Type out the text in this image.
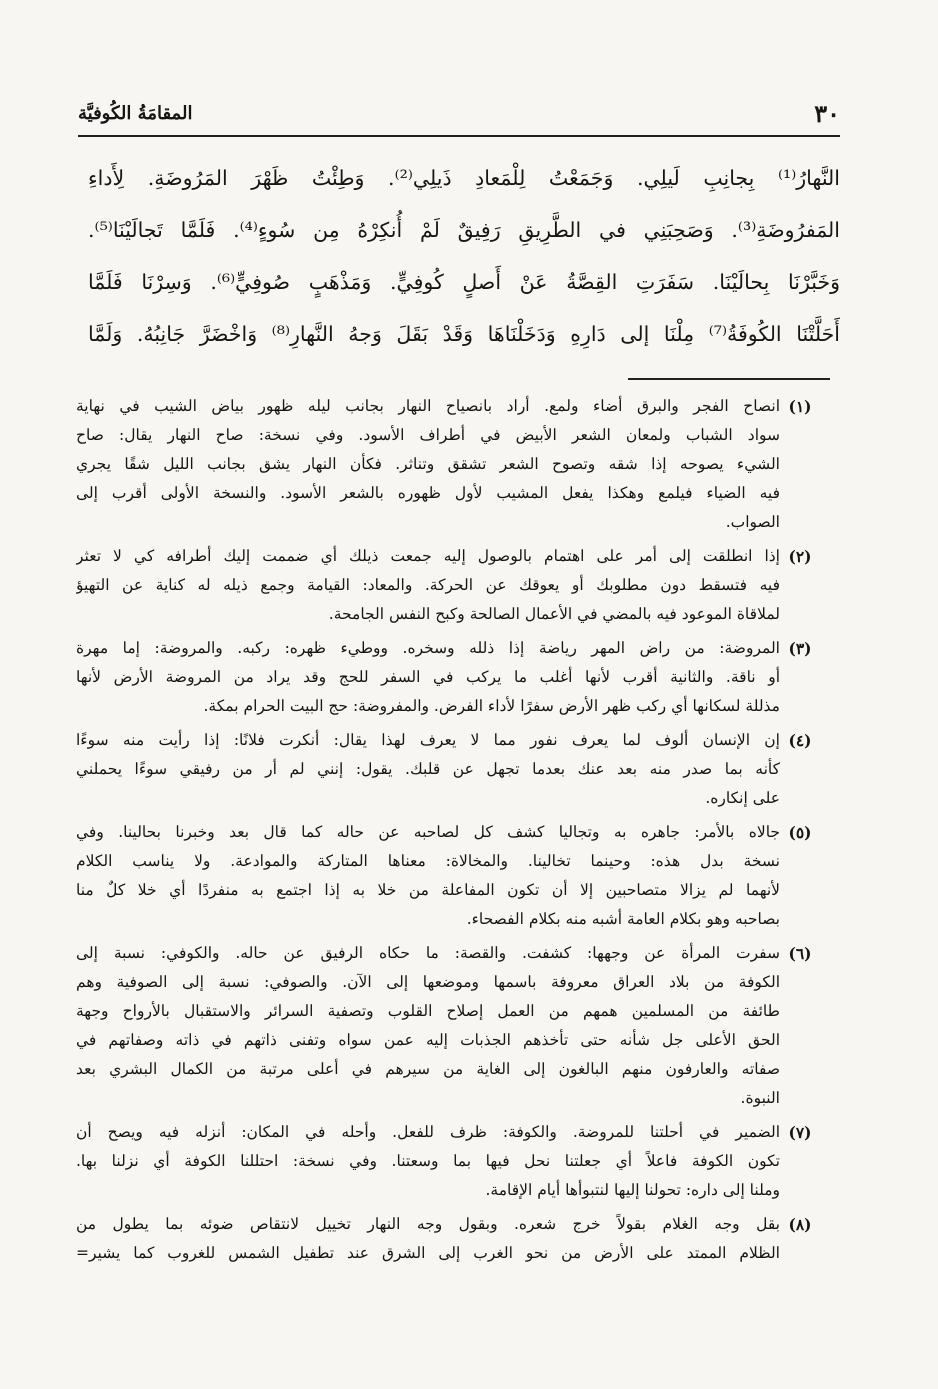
٣٠
المقامَةُ الكُوفيَّة
النَّهارُ⁽¹⁾ بِجانِبِ لَيلِي. وَجَمَعْتُ لِلْمَعادِ ذَيلِي⁽²⁾. وَطِئْتُ ظَهْرَ المَرُوضَةِ. لِأَداءِ
المَفرُوضَةِ⁽³⁾. وَصَحِبَنِي في الطَّرِيقِ رَفِيقٌ لَمْ أُنكِرْهُ مِن سُوءٍ⁽⁴⁾. فَلَمَّا تَجالَيْنَا⁽⁵⁾.
وَخَبَّرْنَا بِحالَيْنَا. سَفَرَتِ القِصَّةُ عَنْ أَصلٍ كُوفِيٍّ. وَمَذْهَبٍ صُوفِيٍّ⁽⁶⁾. وَسِرْنَا فَلَمَّا
أَحَلَّتْنَا الكُوفَةُ⁽⁷⁾ مِلْنَا إلى دَارِهِ وَدَخَلْنَاهَا وَقَدْ بَقَلَ وَجهُ النَّهارِ⁽⁸⁾ وَاخْضَرَّ جَانِبُهُ. وَلَمَّا
(١)
انصاح الفجر والبرق أضاء ولمع. أراد بانصياح النهار بجانب ليله ظهور بياض الشيب في نهاية
سواد الشباب ولمعان الشعر الأبيض في أطراف الأسود. وفي نسخة: صاح النهار يقال: صاح
الشيء يصوحه إذا شقه وتصوح الشعر تشقق وتناثر. فكأن النهار يشق بجانب الليل شقًا يجري
فيه الضياء فيلمع وهكذا يفعل المشيب لأول ظهوره بالشعر الأسود. والنسخة الأولى أقرب إلى
الصواب.
(٢)
إذا انطلقت إلى أمر على اهتمام بالوصول إليه جمعت ذيلك أي ضممت إليك أطرافه كي لا تعثر
فيه فتسقط دون مطلوبك أو يعوقك عن الحركة. والمعاد: القيامة وجمع ذيله له كناية عن التهيؤ
لملاقاة الموعود فيه بالمضي في الأعمال الصالحة وكبح النفس الجامحة.
(٣)
المروضة: من راض المهر رياضة إذا ذلله وسخره. ووطيء ظهره: ركبه. والمروضة: إما مهرة
أو ناقة. والثانية أقرب لأنها أغلب ما يركب في السفر للحج وقد يراد من المروضة الأرض لأنها
مذللة لسكانها أي ركب ظهر الأرض سفرًا لأداء الفرض. والمفروضة: حج البيت الحرام بمكة.
(٤)
إن الإنسان ألوف لما يعرف نفور مما لا يعرف لهذا يقال: أنكرت فلانًا: إذا رأيت منه سوءًا
كأنه بما صدر منه بعد عنك بعدما تجهل عن قلبك. يقول: إنني لم أر من رفيقي سوءًا يحملني
على إنكاره.
(٥)
جالاه بالأمر: جاهره به وتجاليا كشف كل لصاحبه عن حاله كما قال بعد وخبرنا بحالينا. وفي
نسخة بدل هذه: وحينما تخالينا. والمخالاة: معناها المتاركة والموادعة. ولا يناسب الكلام
لأنهما لم يزالا متصاحبين إلا أن تكون المفاعلة من خلا به إذا اجتمع به منفردًا أي خلا كلٌ منا
بصاحبه وهو بكلام العامة أشبه منه بكلام الفصحاء.
(٦)
سفرت المرأة عن وجهها: كشفت. والقصة: ما حكاه الرفيق عن حاله. والكوفي: نسبة إلى
الكوفة من بلاد العراق معروفة باسمها وموضعها إلى الآن. والصوفي: نسبة إلى الصوفية وهم
طائفة من المسلمين همهم من العمل إصلاح القلوب وتصفية السرائر والاستقبال بالأرواح وجهة
الحق الأعلى جل شأنه حتى تأخذهم الجذبات إليه عمن سواه وتفنى ذاتهم في ذاته وصفاتهم في
صفاته والعارفون منهم البالغون إلى الغاية من سيرهم في أعلى مرتبة من الكمال البشري بعد
النبوة.
(٧)
الضمير في أحلتنا للمروضة. والكوفة: ظرف للفعل. وأحله في المكان: أنزله فيه ويصح أن
تكون الكوفة فاعلاً أي جعلتنا نحل فيها بما وسعتنا. وفي نسخة: احتللنا الكوفة أي نزلنا بها.
وملنا إلى داره: تحولنا إليها لنتبوأها أيام الإقامة.
(٨)
بقل وجه الغلام بقولاً خرج شعره. وبقول وجه النهار تخييل لانتقاص ضوئه بما يطول من
الظلام الممتد على الأرض من نحو الغرب إلى الشرق عند تطفيل الشمس للغروب كما يشير=
